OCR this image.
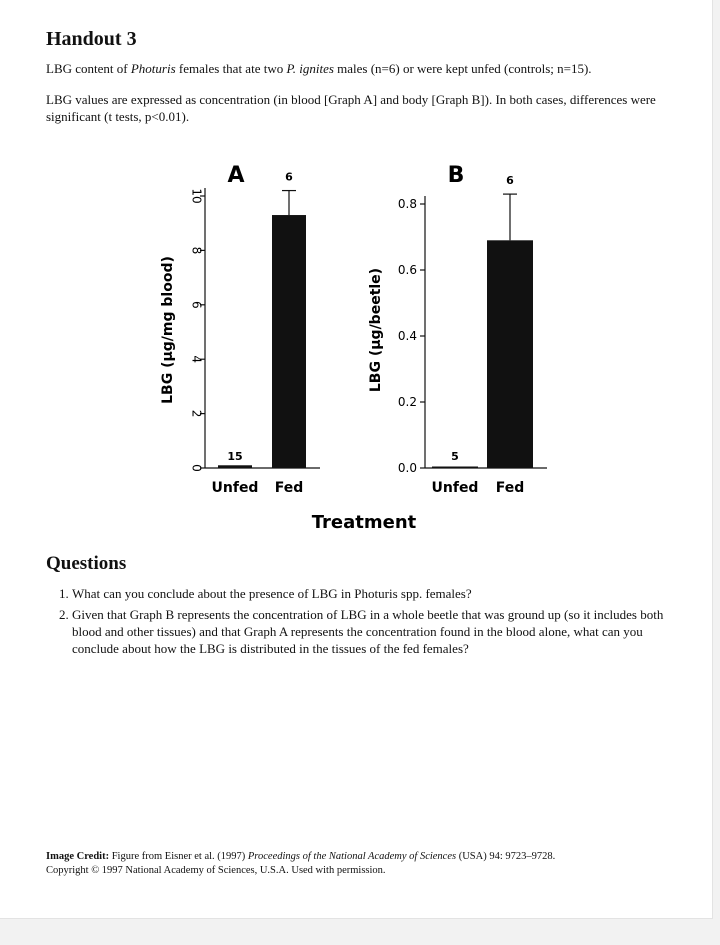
Handout 3

LBG content of Photuris females that ate two P. ignites males (n=6) or were kept unfed (controls; n=15).

LBG values are expressed as concentration (in blood [Graph A] and body [Graph B]). In both cases, differences were significant (t tests, p<0.01).

0
2
4
6
8
10
LBG (μg/mg blood)
A
15
Unfed
6
Fed
0.0
0.2
0.4
0.6
0.8
LBG (μg/beetle)
B
5
Unfed
6
Fed
Treatment
Questions
1. What can you conclude about the presence of LBG in Photuris spp. females?
2. Given that Graph B represents the concentration of LBG in a whole beetle that was ground up (so it includes both blood and other tissues) and that Graph A represents the concentration found in the blood alone, what can you conclude about how the LBG is distributed in the tissues of the fed females?

Image Credit: Figure from Eisner et al. (1997) Proceedings of the National Academy of Sciences (USA) 94: 9723–9728.
Copyright © 1997 National Academy of Sciences, U.S.A. Used with permission.
